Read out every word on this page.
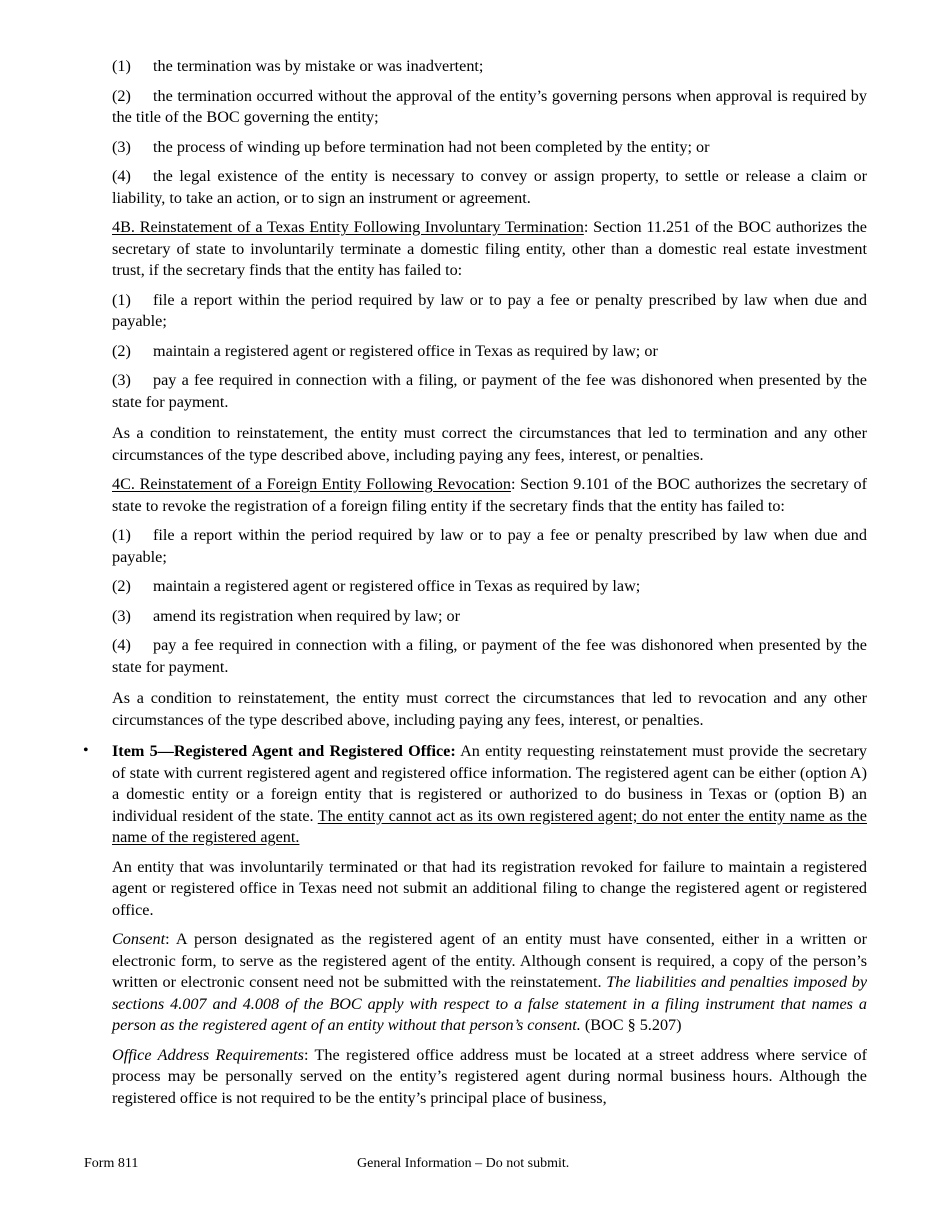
(1) the termination was by mistake or was inadvertent;

(2) the termination occurred without the approval of the entity’s governing persons when approval is required by the title of the BOC governing the entity;

(3) the process of winding up before termination had not been completed by the entity; or

(4) the legal existence of the entity is necessary to convey or assign property, to settle or release a claim or liability, to take an action, or to sign an instrument or agreement.

4B. Reinstatement of a Texas Entity Following Involuntary Termination: Section 11.251 of the BOC authorizes the secretary of state to involuntarily terminate a domestic filing entity, other than a domestic real estate investment trust, if the secretary finds that the entity has failed to:

(1) file a report within the period required by law or to pay a fee or penalty prescribed by law when due and payable;

(2) maintain a registered agent or registered office in Texas as required by law; or

(3) pay a fee required in connection with a filing, or payment of the fee was dishonored when presented by the state for payment.

As a condition to reinstatement, the entity must correct the circumstances that led to termination and any other circumstances of the type described above, including paying any fees, interest, or penalties.

4C. Reinstatement of a Foreign Entity Following Revocation: Section 9.101 of the BOC authorizes the secretary of state to revoke the registration of a foreign filing entity if the secretary finds that the entity has failed to:

(1) file a report within the period required by law or to pay a fee or penalty prescribed by law when due and payable;

(2) maintain a registered agent or registered office in Texas as required by law;

(3) amend its registration when required by law; or

(4) pay a fee required in connection with a filing, or payment of the fee was dishonored when presented by the state for payment.

As a condition to reinstatement, the entity must correct the circumstances that led to revocation and any other circumstances of the type described above, including paying any fees, interest, or penalties.

• Item 5—Registered Agent and Registered Office: An entity requesting reinstatement must provide the secretary of state with current registered agent and registered office information. The registered agent can be either (option A) a domestic entity or a foreign entity that is registered or authorized to do business in Texas or (option B) an individual resident of the state. The entity cannot act as its own registered agent; do not enter the entity name as the name of the registered agent.

An entity that was involuntarily terminated or that had its registration revoked for failure to maintain a registered agent or registered office in Texas need not submit an additional filing to change the registered agent or registered office.

Consent: A person designated as the registered agent of an entity must have consented, either in a written or electronic form, to serve as the registered agent of the entity. Although consent is required, a copy of the person’s written or electronic consent need not be submitted with the reinstatement. The liabilities and penalties imposed by sections 4.007 and 4.008 of the BOC apply with respect to a false statement in a filing instrument that names a person as the registered agent of an entity without that person’s consent. (BOC § 5.207)

Office Address Requirements: The registered office address must be located at a street address where service of process may be personally served on the entity’s registered agent during normal business hours. Although the registered office is not required to be the entity’s principal place of business,

Form 811	General Information – Do not submit.
